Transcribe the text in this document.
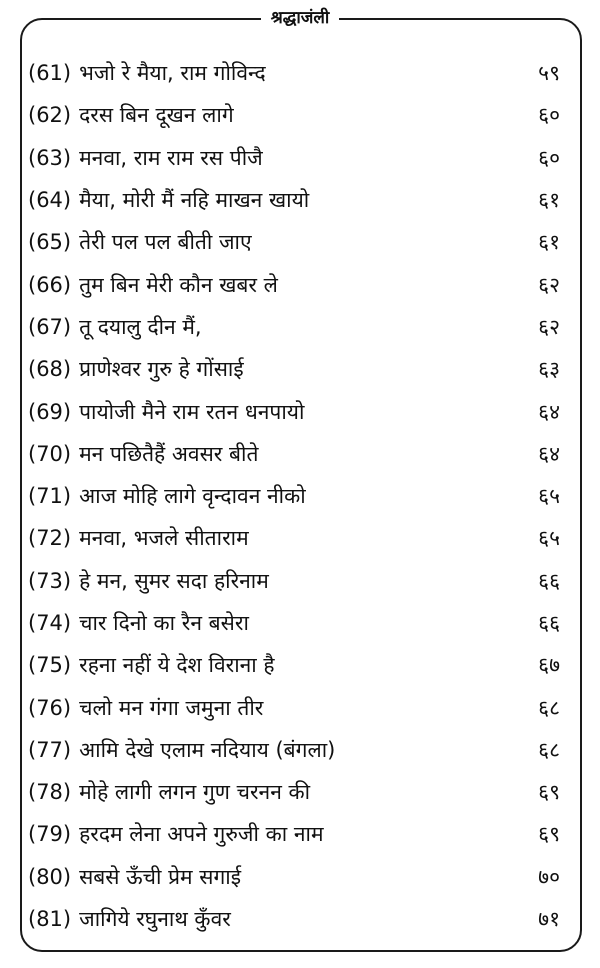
श्रद्धाजंली
(61) भजो रे मैया, राम गोविन्द	५९
(62) दरस बिन दूखन लागे	६०
(63) मनवा, राम राम रस पीजै	६०
(64) मैया, मोरी मैं नहि माखन खायो	६१
(65) तेरी पल पल बीती जाए	६१
(66) तुम बिन मेरी कौन खबर ले	६२
(67) तू दयालु दीन मैं,	६२
(68) प्राणेश्वर गुरु हे गोंसाई	६३
(69) पायोजी मैने राम रतन धनपायो	६४
(70) मन पछितैहैं अवसर बीते	६४
(71) आज मोहि लागे वृन्दावन नीको	६५
(72) मनवा, भजले सीताराम	६५
(73) हे मन, सुमर सदा हरिनाम	६६
(74) चार दिनो का रैन बसेरा	६६
(75) रहना नहीं ये देश विराना है	६७
(76) चलो मन गंगा जमुना तीर	६८
(77) आमि देखे एलाम नदियाय (बंगला)	६८
(78) मोहे लागी लगन गुण चरनन की	६९
(79) हरदम लेना अपने गुरुजी का नाम	६९
(80) सबसे ऊँची प्रेम सगाई	७०
(81) जागिये रघुनाथ कुँवर	७१
